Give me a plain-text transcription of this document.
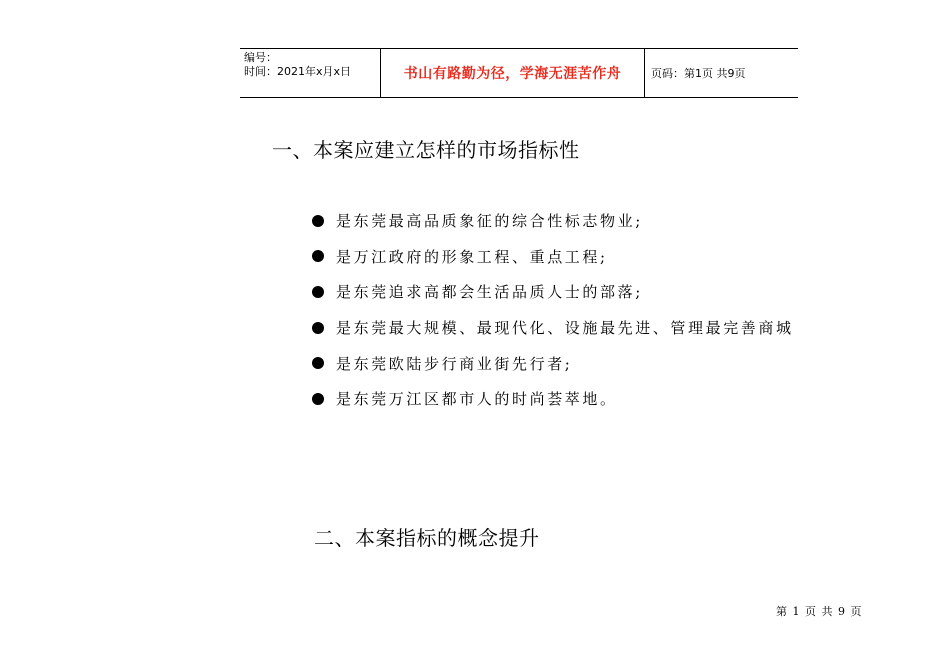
编号：
时间：2021年x月x日	书山有路勤为径，学海无涯苦作舟	页码：第1页 共9页
一、本案应建立怎样的市场指标性
是东莞最高品质象征的综合性标志物业;
是万江政府的形象工程、重点工程;
是东莞追求高都会生活品质人士的部落;
是东莞最大规模、最现代化、设施最先进、管理最完善商城
是东莞欧陆步行商业街先行者;
是东莞万江区都市人的时尚荟萃地。
二、本案指标的概念提升
第 1 页 共 9 页
